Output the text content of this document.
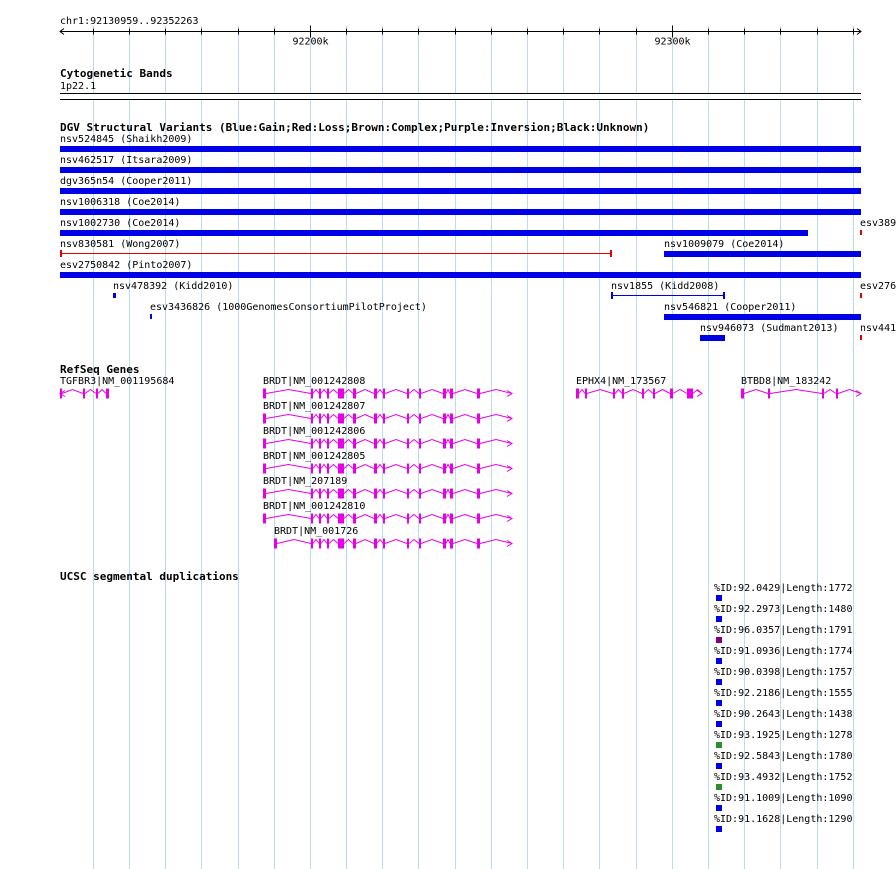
chr1:92130959..92352263
92200k	92300k
Cytogenetic Bands
1p22.1
DGV Structural Variants (Blue:Gain;Red:Loss;Brown:Complex;Purple:Inversion;Black:Unknown)
nsv524845 (Shaikh2009)
nsv462517 (Itsara2009)
dgv365n54 (Cooper2011)
nsv1006318 (Coe2014)
nsv1002730 (Coe2014)	esv389
nsv830581 (Wong2007)	nsv1009079 (Coe2014)
esv2750842 (Pinto2007)
nsv478392 (Kidd2010)	nsv1855 (Kidd2008)	esv276
esv3436826 (1000GenomesConsortiumPilotProject)	nsv546821 (Cooper2011)
nsv946073 (Sudmant2013) nsv441
RefSeq Genes
TGFBR3|NM_001195684	BRDT|NM_001242808	EPHX4|NM_173567	BTBD8|NM_183242
BRDT|NM_001242807
BRDT|NM_001242806
BRDT|NM_001242805
BRDT|NM_207189
BRDT|NM_001242810
BRDT|NM_001726
UCSC segmental duplications
%ID:92.0429|Length:1772
%ID:92.2973|Length:1480
%ID:96.0357|Length:1791
%ID:91.0936|Length:1774
%ID:90.0398|Length:1757
%ID:92.2186|Length:1555
%ID:90.2643|Length:1438
%ID:93.1925|Length:1278
%ID:92.5843|Length:1780
%ID:93.4932|Length:1752
%ID:91.1009|Length:1090
%ID:91.1628|Length:1290
